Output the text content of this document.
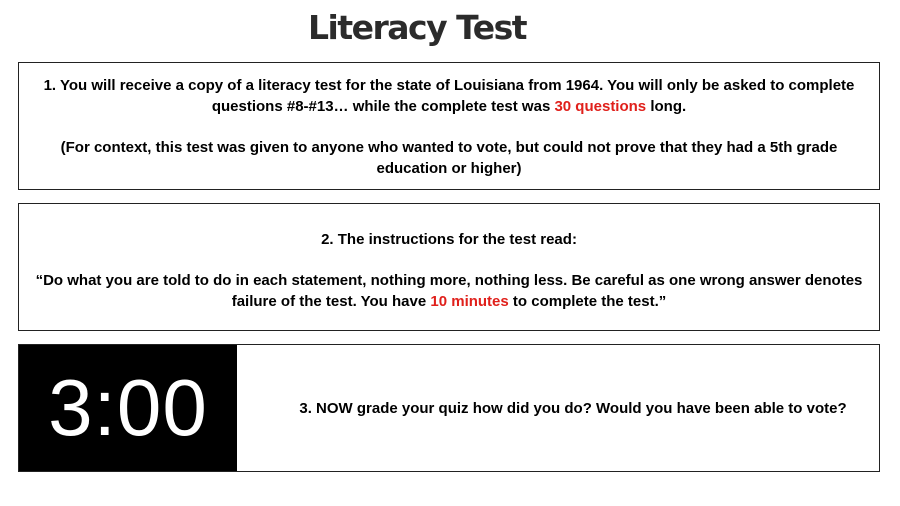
Literacy Test

1. You will receive a copy of a literacy test for the state of Louisiana from 1964. You will only be asked to complete questions #8-#13… while the complete test was 30 questions long.

(For context, this test was given to anyone who wanted to vote, but could not prove that they had a 5th grade education or higher)

2. The instructions for the test read:

“Do what you are told to do in each statement, nothing more, nothing less. Be careful as one wrong answer denotes failure of the test. You have 10 minutes to complete the test.”

3:00	3. NOW grade your quiz how did you do? Would you have been able to vote?
